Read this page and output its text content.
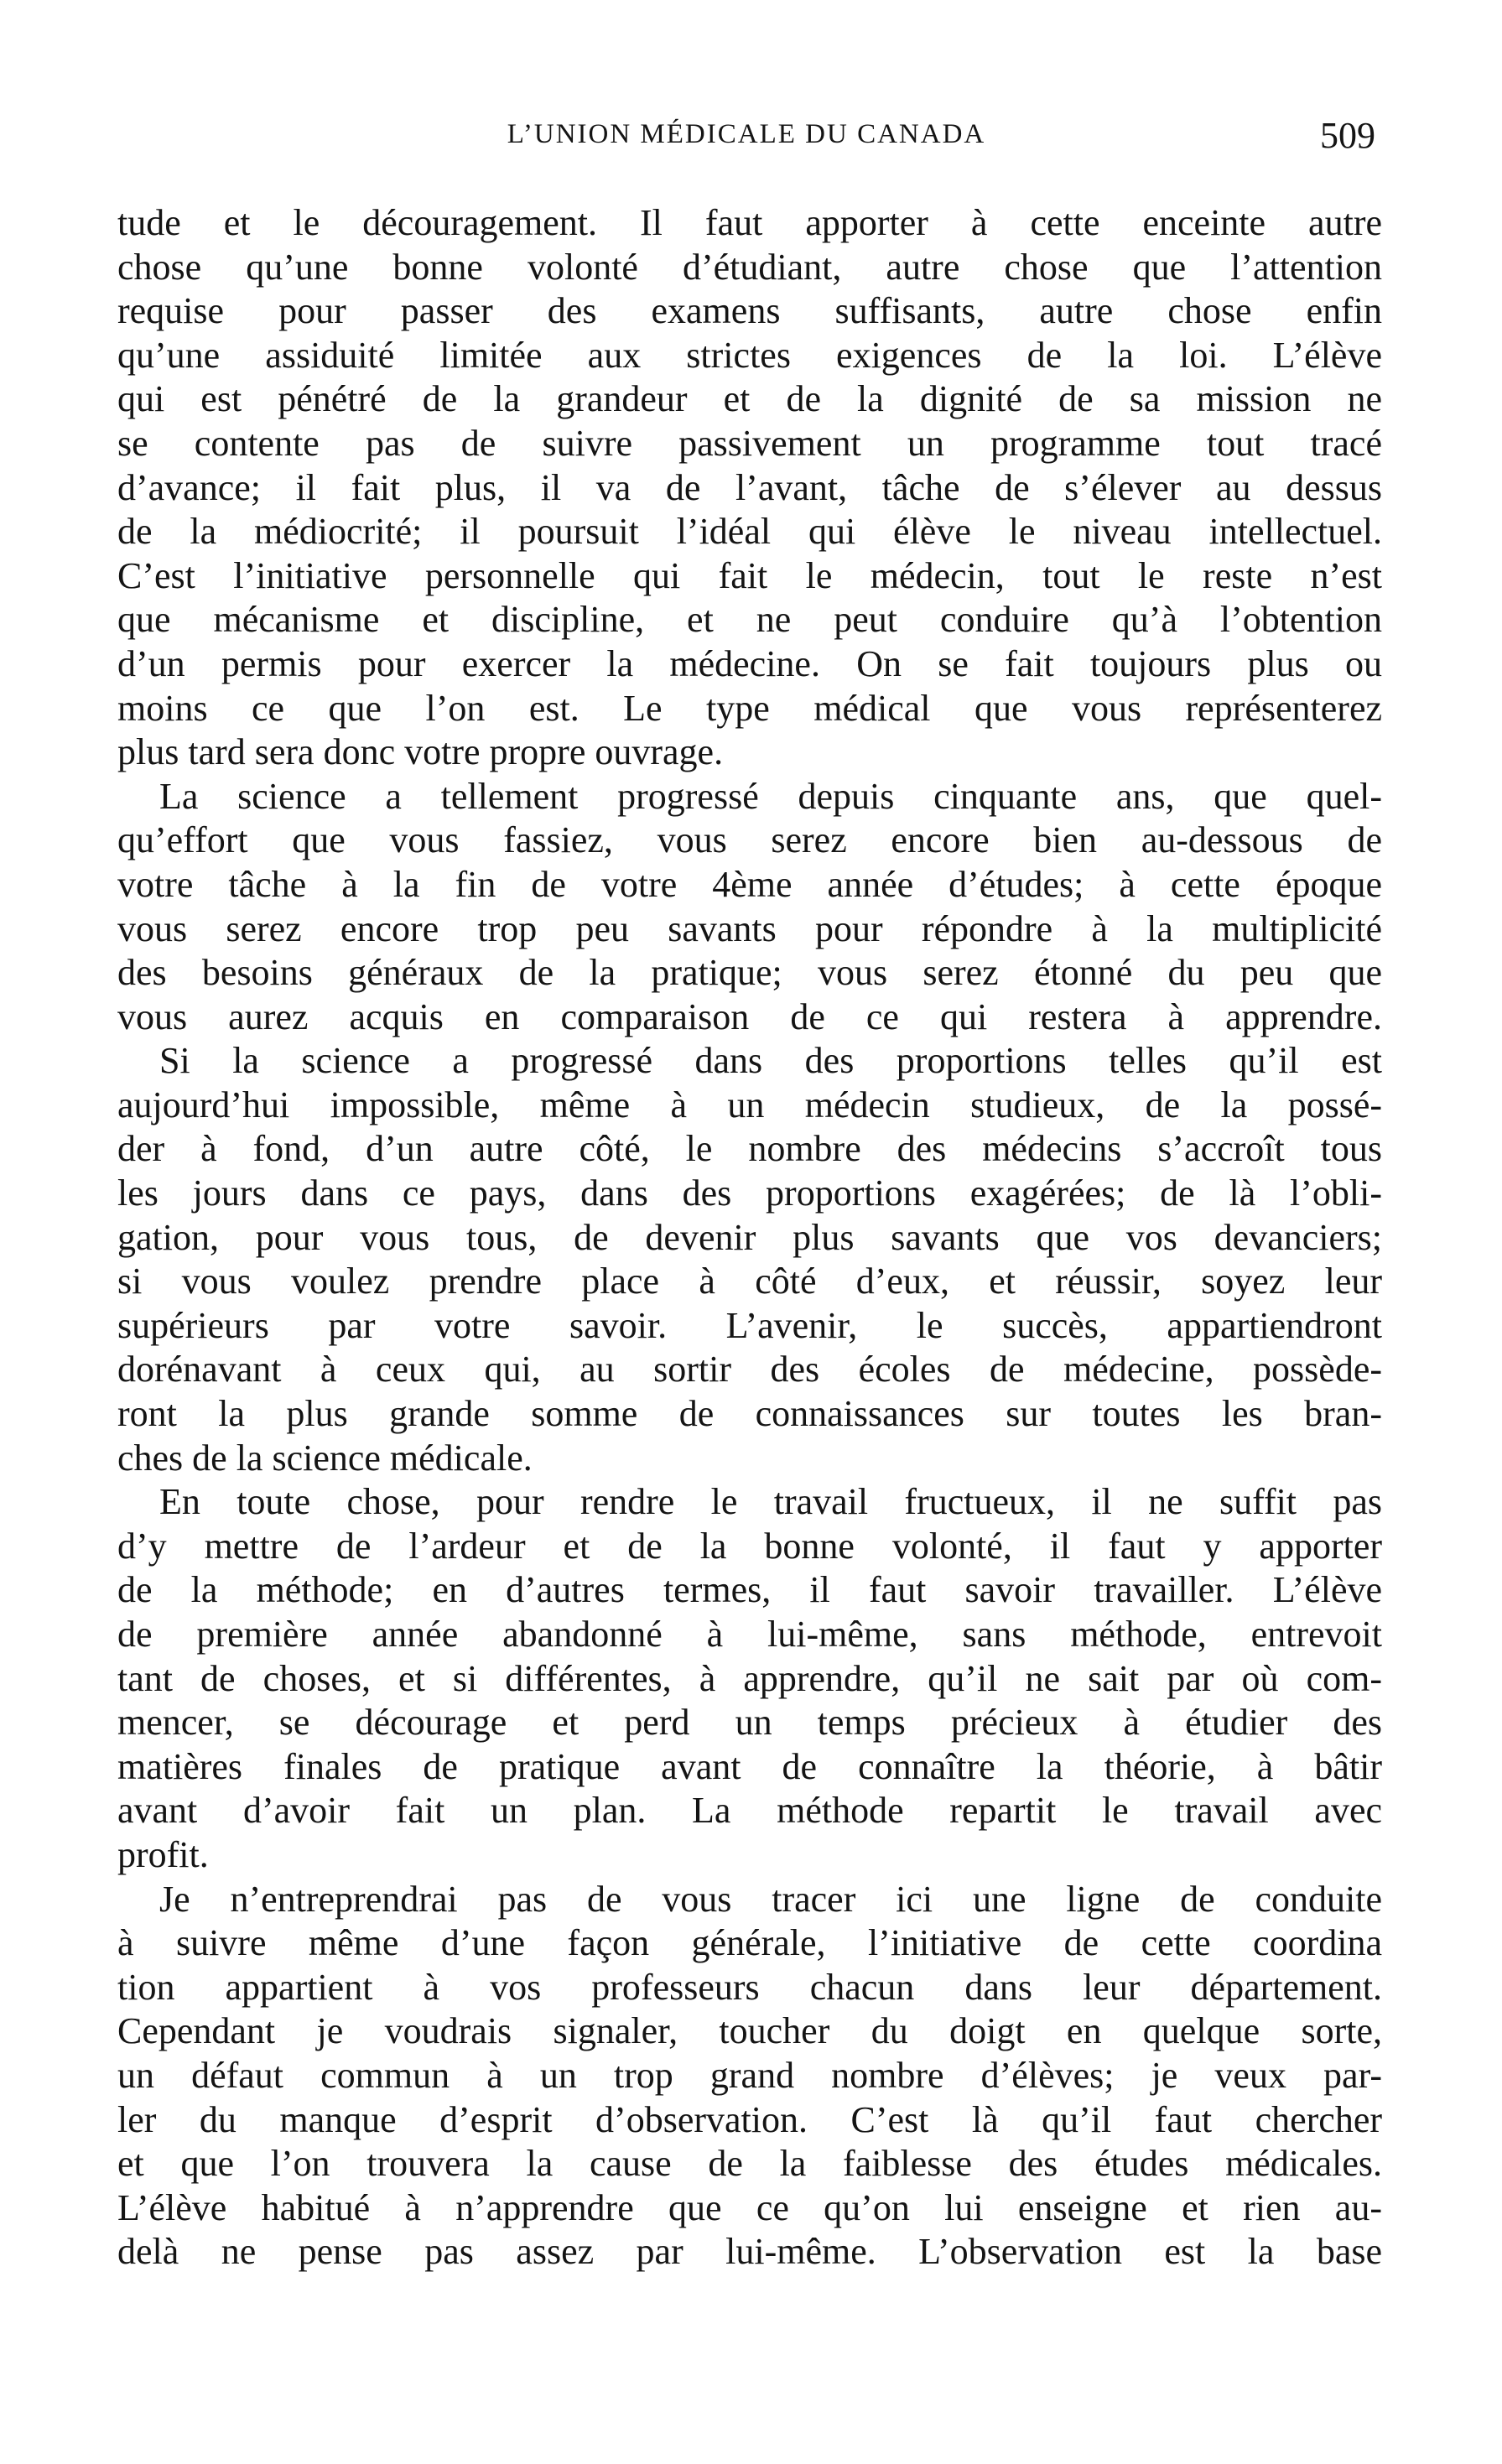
L’UNION MÉDICALE DU CANADA	509
tude et le découragement. Il faut apporter à cette enceinte autre
chose qu’une bonne volonté d’étudiant, autre chose que l’attention
requise pour passer des examens suffisants, autre chose enfin
qu’une assiduité limitée aux strictes exigences de la loi. L’élève
qui est pénétré de la grandeur et de la dignité de sa mission ne
se contente pas de suivre passivement un programme tout tracé
d’avance; il fait plus, il va de l’avant, tâche de s’élever au dessus
de la médiocrité; il poursuit l’idéal qui élève le niveau intellectuel.
C’est l’initiative personnelle qui fait le médecin, tout le reste n’est
que mécanisme et discipline, et ne peut conduire qu’à l’obtention
d’un permis pour exercer la médecine. On se fait toujours plus ou
moins ce que l’on est. Le type médical que vous représenterez
plus tard sera donc votre propre ouvrage.
La science a tellement progressé depuis cinquante ans, que quel-
qu’effort que vous fassiez, vous serez encore bien au-dessous de
votre tâche à la fin de votre 4ème année d’études; à cette époque
vous serez encore trop peu savants pour répondre à la multiplicité
des besoins généraux de la pratique; vous serez étonné du peu que
vous aurez acquis en comparaison de ce qui restera à apprendre.
Si la science a progressé dans des proportions telles qu’il est
aujourd’hui impossible, même à un médecin studieux, de la possé-
der à fond, d’un autre côté, le nombre des médecins s’accroît tous
les jours dans ce pays, dans des proportions exagérées; de là l’obli-
gation, pour vous tous, de devenir plus savants que vos devanciers;
si vous voulez prendre place à côté d’eux, et réussir, soyez leur
supérieurs par votre savoir. L’avenir, le succès, appartiendront
dorénavant à ceux qui, au sortir des écoles de médecine, possède-
ront la plus grande somme de connaissances sur toutes les bran-
ches de la science médicale.
En toute chose, pour rendre le travail fructueux, il ne suffit pas
d’y mettre de l’ardeur et de la bonne volonté, il faut y apporter
de la méthode; en d’autres termes, il faut savoir travailler. L’élève
de première année abandonné à lui-même, sans méthode, entrevoit
tant de choses, et si différentes, à apprendre, qu’il ne sait par où com-
mencer, se décourage et perd un temps précieux à étudier des
matières finales de pratique avant de connaître la théorie, à bâtir
avant d’avoir fait un plan. La méthode repartit le travail avec
profit.
Je n’entreprendrai pas de vous tracer ici une ligne de conduite
à suivre même d’une façon générale, l’initiative de cette coordina
tion appartient à vos professeurs chacun dans leur département.
Cependant je voudrais signaler, toucher du doigt en quelque sorte,
un défaut commun à un trop grand nombre d’élèves; je veux par-
ler du manque d’esprit d’observation. C’est là qu’il faut chercher
et que l’on trouvera la cause de la faiblesse des études médicales.
L’élève habitué à n’apprendre que ce qu’on lui enseigne et rien au-
delà ne pense pas assez par lui-même. L’observation est la base
